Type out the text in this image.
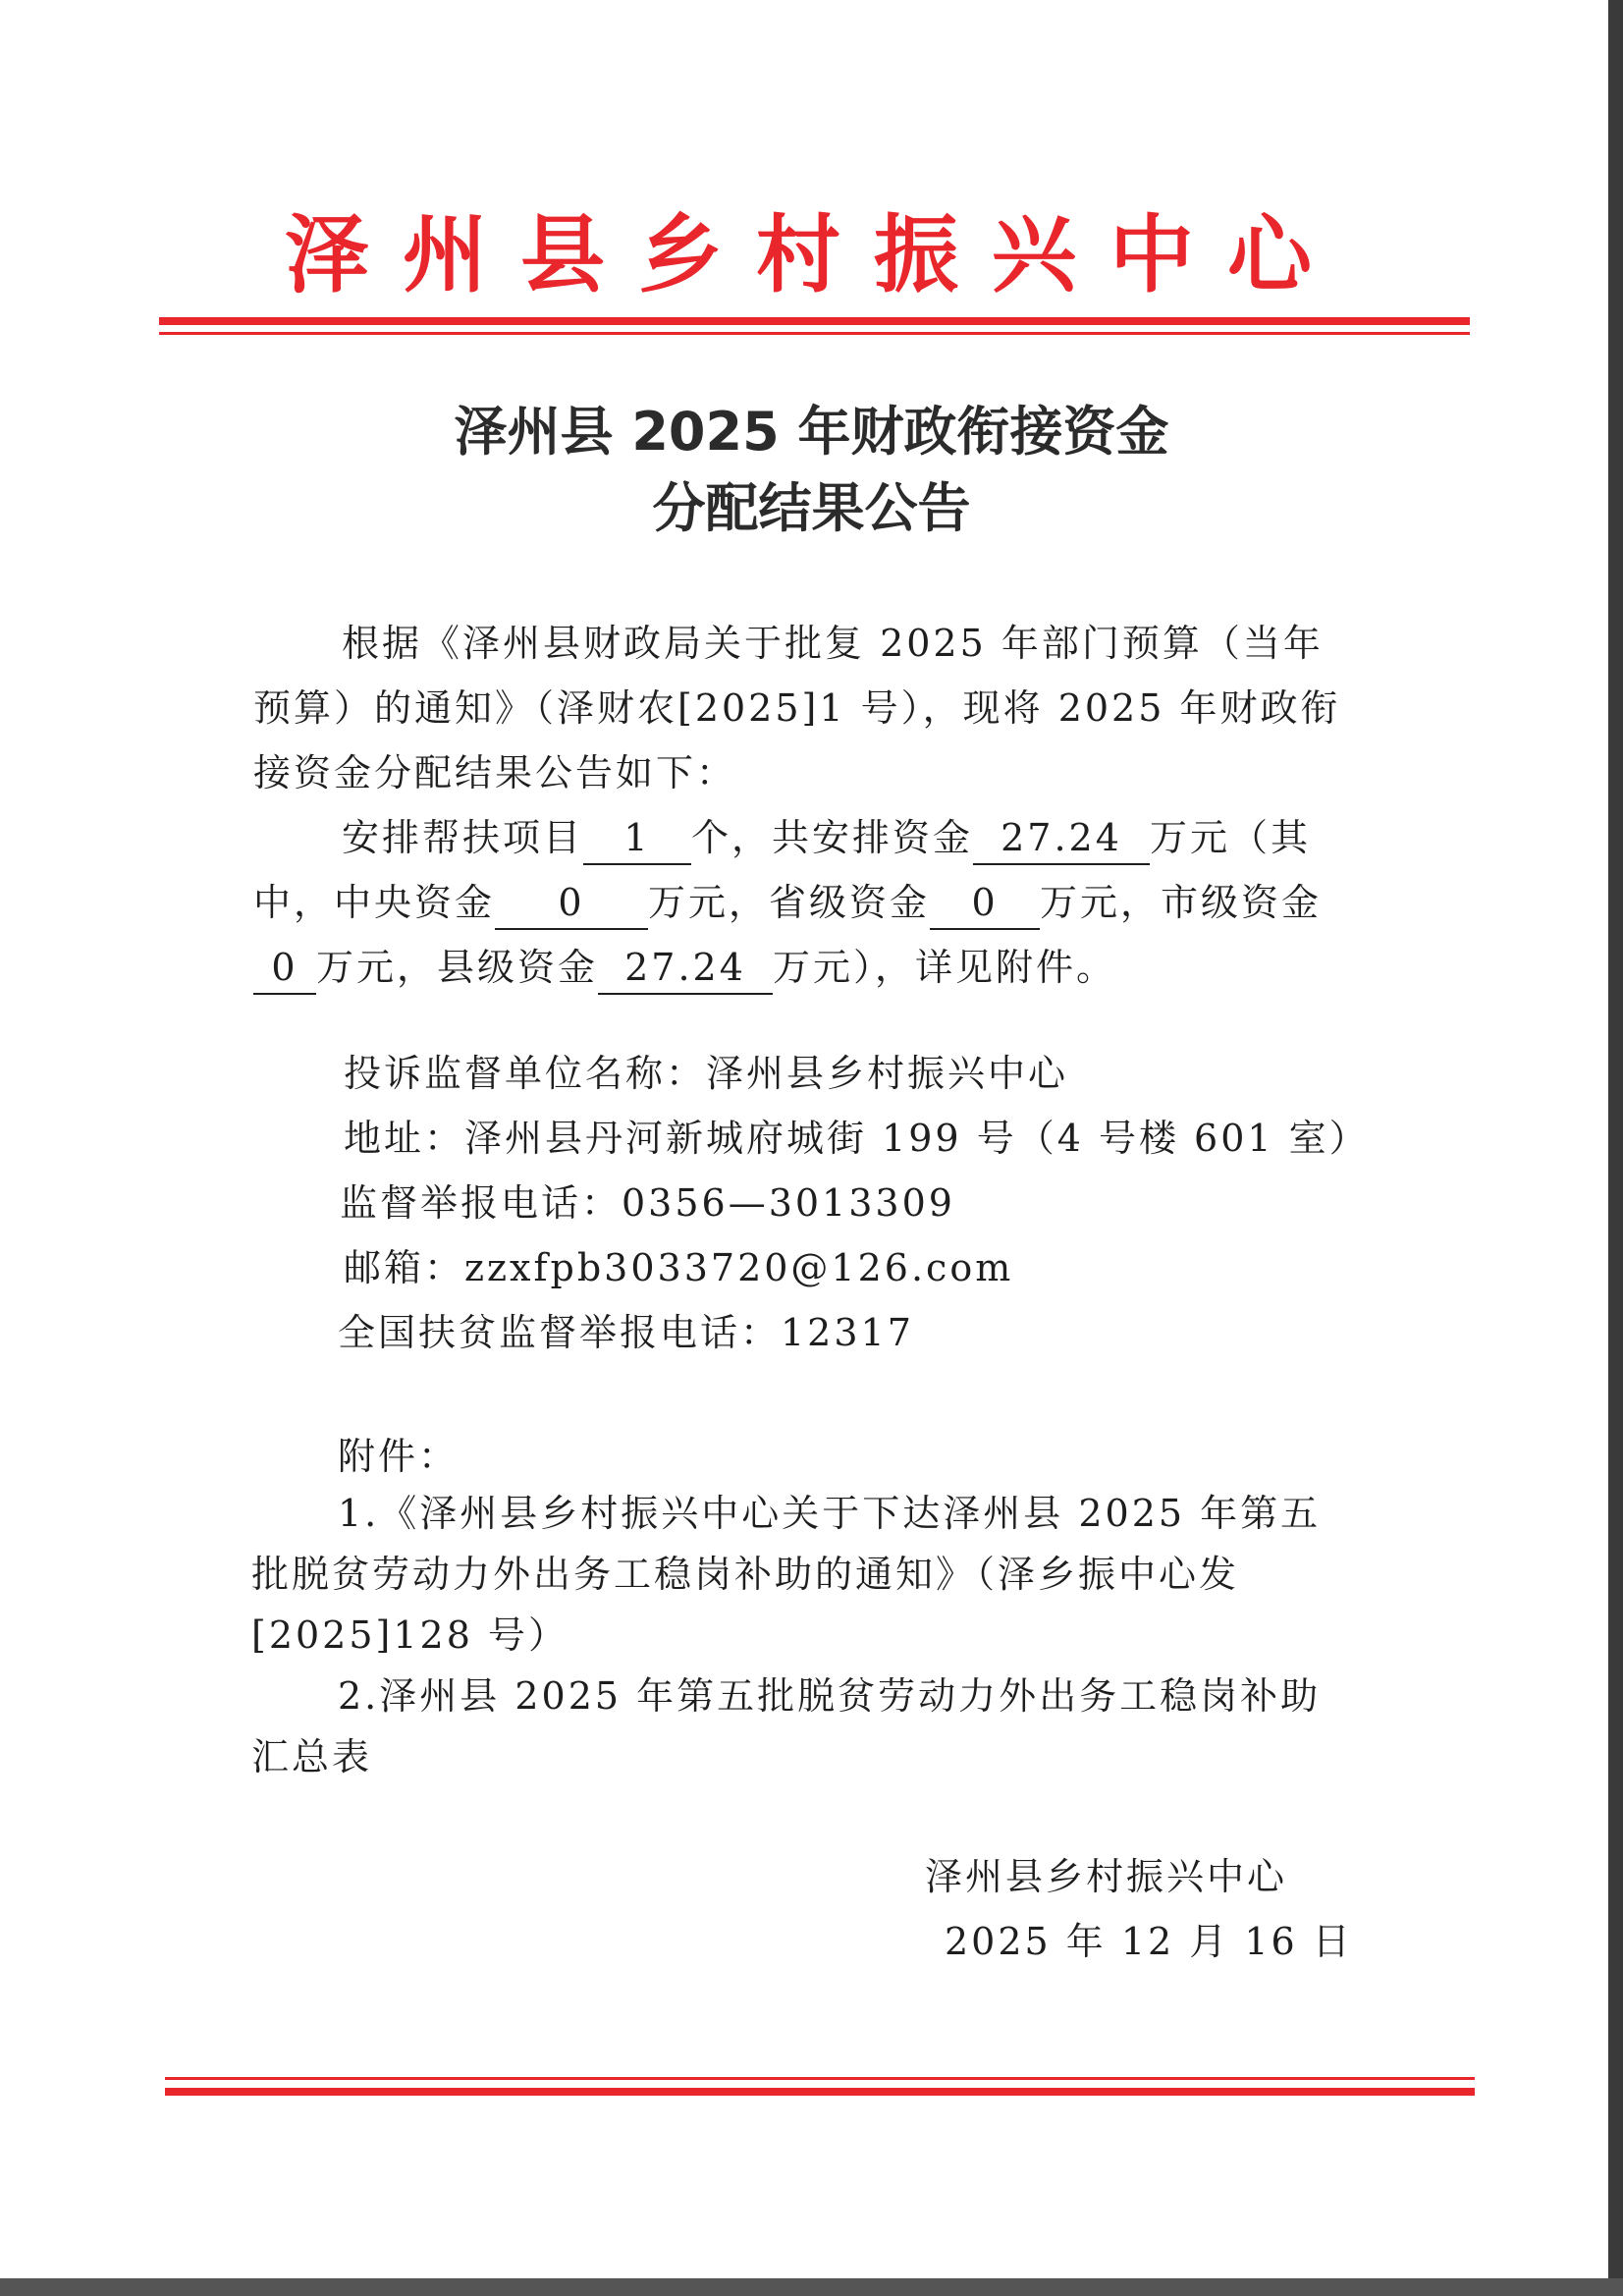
泽州县乡村振兴中心
泽州县 2025 年财政衔接资金
分配结果公告
根据《泽州县财政局关于批复 2025 年部门预算（当年
预算）的通知》（泽财农[2025]1 号），现将 2025 年财政衔
接资金分配结果公告如下：
安排帮扶项目 1 个，共安排资金 27.24 万元（其
中，中央资金 0 万元，省级资金 0 万元，市级资金
0 万元，县级资金 27.24 万元），详见附件。
投诉监督单位名称：泽州县乡村振兴中心
地址：泽州县丹河新城府城街 199 号（4 号楼 601 室）
监督举报电话：0356—3013309
邮箱：zzxfpb3033720@126.com
全国扶贫监督举报电话：12317
附件：
1.《泽州县乡村振兴中心关于下达泽州县 2025 年第五
批脱贫劳动力外出务工稳岗补助的通知》（泽乡振中心发
[2025]128 号）
2.泽州县 2025 年第五批脱贫劳动力外出务工稳岗补助
汇总表
泽州县乡村振兴中心
2025 年 12 月 16 日
